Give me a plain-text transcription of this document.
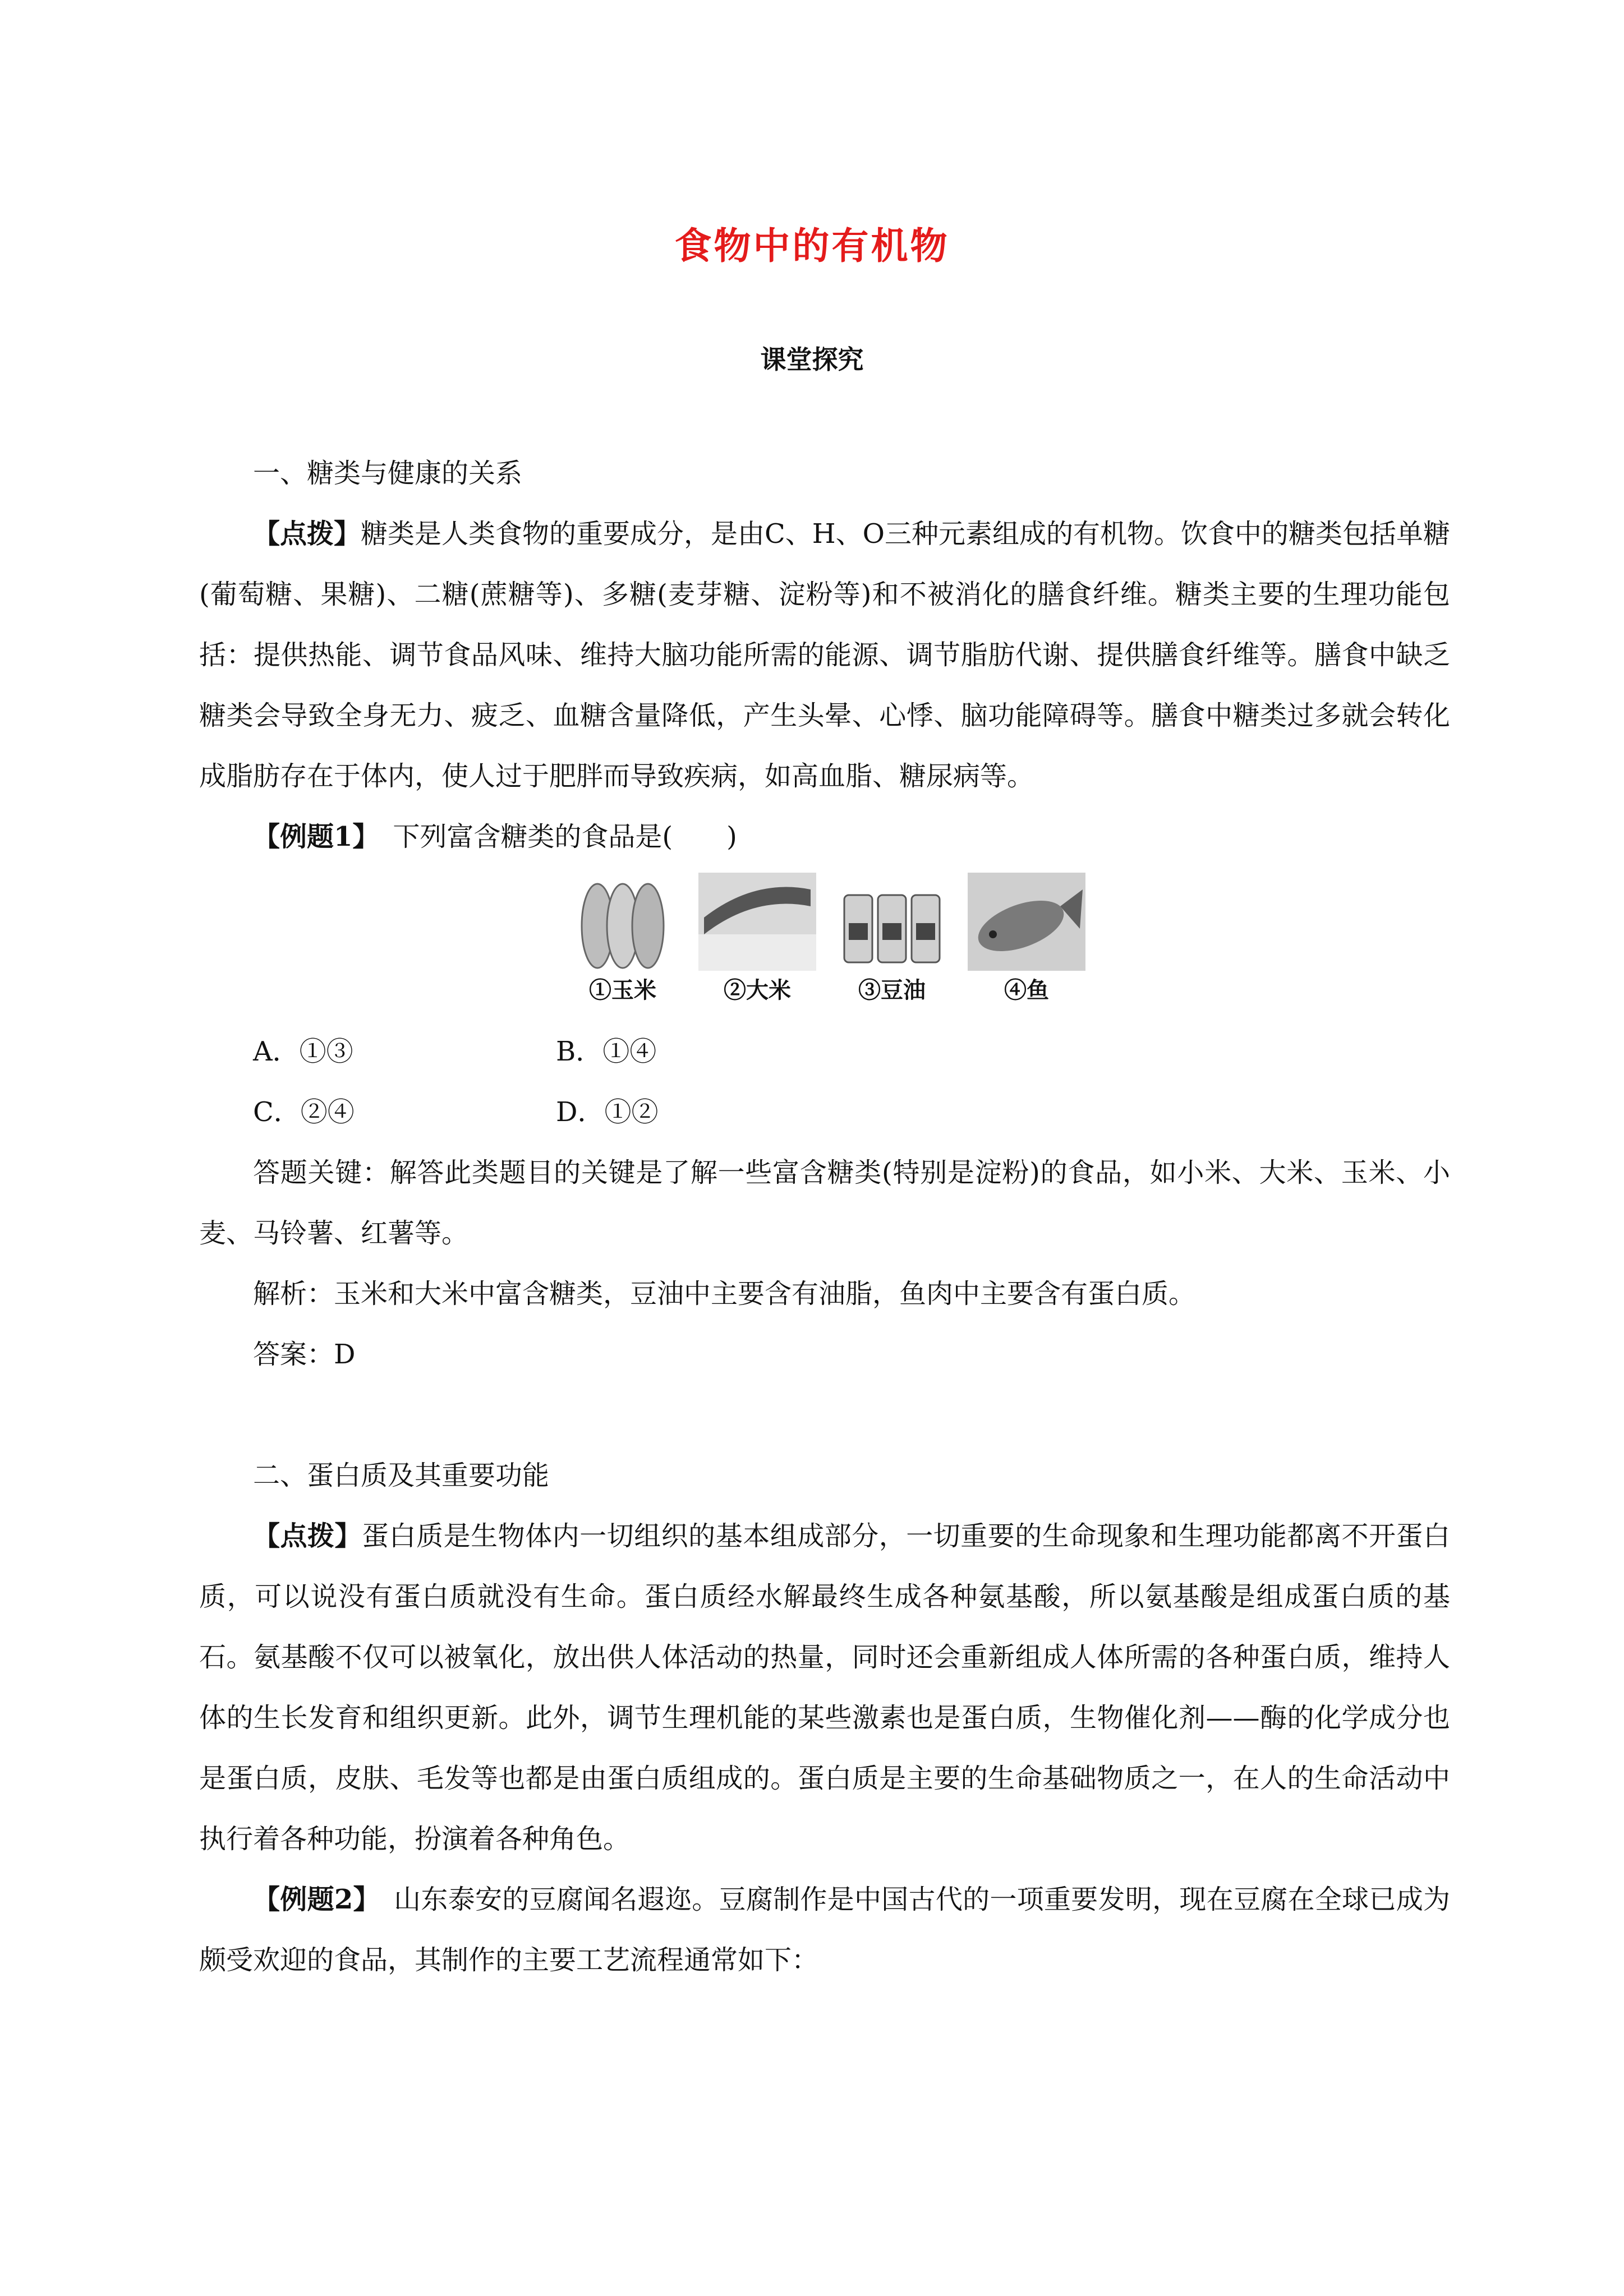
食物中的有机物
课堂探究

一、糖类与健康的关系

【点拨】糖类是人类食物的重要成分，是由C、H、O三种元素组成的有机物。饮食中的糖类包括单糖(葡萄糖、果糖)、二糖(蔗糖等)、多糖(麦芽糖、淀粉等)和不被消化的膳食纤维。糖类主要的生理功能包括：提供热能、调节食品风味、维持大脑功能所需的能源、调节脂肪代谢、提供膳食纤维等。膳食中缺乏糖类会导致全身无力、疲乏、血糖含量降低，产生头晕、心悸、脑功能障碍等。膳食中糖类过多就会转化成脂肪存在于体内，使人过于肥胖而导致疾病，如高血脂、糖尿病等。

【例题1】　 下列富含糖类的食品是(　　)

①玉米	②大米	③豆油	④鱼
A．①③	B．①④
C．②④	D．①②

答题关键：解答此类题目的关键是了解一些富含糖类(特别是淀粉)的食品，如小米、大米、玉米、小麦、马铃薯、红薯等。

解析：玉米和大米中富含糖类，豆油中主要含有油脂，鱼肉中主要含有蛋白质。

答案：D

二、蛋白质及其重要功能

【点拨】蛋白质是生物体内一切组织的基本组成部分，一切重要的生命现象和生理功能都离不开蛋白质，可以说没有蛋白质就没有生命。蛋白质经水解最终生成各种氨基酸，所以氨基酸是组成蛋白质的基石。氨基酸不仅可以被氧化，放出供人体活动的热量，同时还会重新组成人体所需的各种蛋白质，维持人体的生长发育和组织更新。此外，调节生理机能的某些激素也是蛋白质，生物催化剂——酶的化学成分也是蛋白质，皮肤、毛发等也都是由蛋白质组成的。蛋白质是主要的生命基础物质之一，在人的生命活动中执行着各种功能，扮演着各种角色。

【例题2】　 山东泰安的豆腐闻名遐迩。豆腐制作是中国古代的一项重要发明，现在豆腐在全球已成为颇受欢迎的食品，其制作的主要工艺流程通常如下：
